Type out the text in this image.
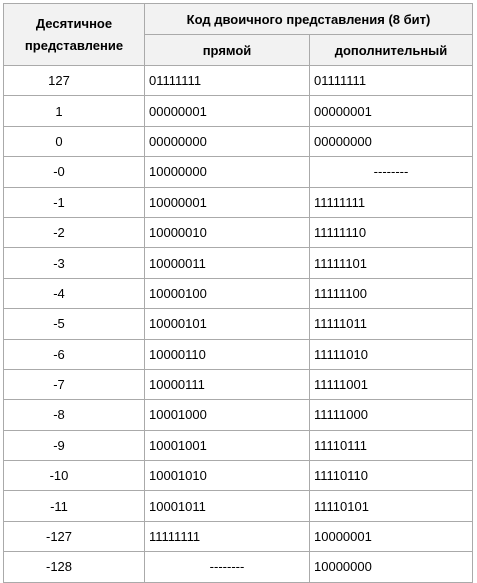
Десятичное представление	Код двоичного представления (8 бит)	
	прямой	дополнительный
127	01111111	01111111
1	00000001	00000001
0	00000000	00000000
-0	10000000	--------
-1	10000001	11111111
-2	10000010	11111110
-3	10000011	11111101
-4	10000100	11111100
-5	10000101	11111011
-6	10000110	11111010
-7	10000111	11111001
-8	10001000	11111000
-9	10001001	11110111
-10	10001010	11110110
-11	10001011	11110101
-127	11111111	10000001
-128	--------	10000000
